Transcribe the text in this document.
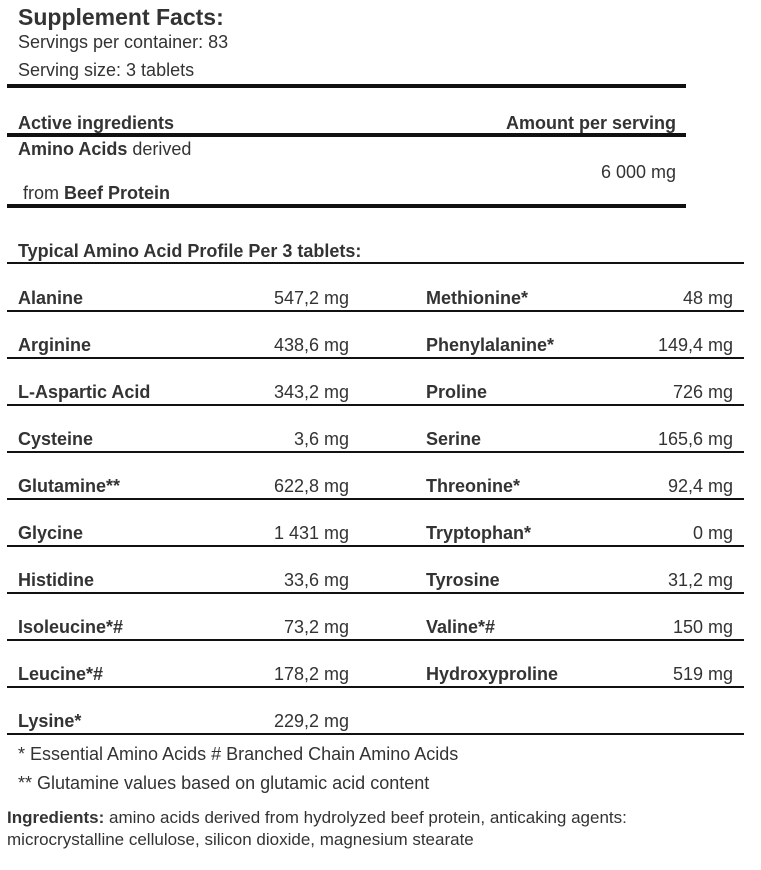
Supplement Facts:
Servings per container: 83
Serving size: 3 tablets
Active ingredients	Amount per serving
Amino Acids derived
6 000 mg
from Beef Protein
Typical Amino Acid Profile Per 3 tablets:
Alanine	547,2 mg	Methionine*	48 mg
Arginine	438,6 mg	Phenylalanine*	149,4 mg
L-Aspartic Acid	343,2 mg	Proline	726 mg
Cysteine	3,6 mg	Serine	165,6 mg
Glutamine**	622,8 mg	Threonine*	92,4 mg
Glycine	1 431 mg	Tryptophan*	0 mg
Histidine	33,6 mg	Tyrosine	31,2 mg
Isoleucine*#	73,2 mg	Valine*#	150 mg
Leucine*#	178,2 mg	Hydroxyproline	519 mg
Lysine*	229,2 mg
* Essential Amino Acids # Branched Chain Amino Acids
** Glutamine values based on glutamic acid content
Ingredients: amino acids derived from hydrolyzed beef protein, anticaking agents:
microcrystalline cellulose, silicon dioxide, magnesium stearate
